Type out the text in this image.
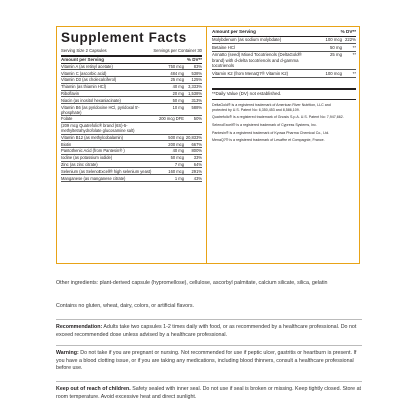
Supplement Facts
Serving Size 2 Capsules	Servings per Container 30
Amount per Serving	% DV**
Vitamin A (as retinyl acetate)	750 mcg	83%
Vitamin C (ascorbic acid)	484 mg	538%
Vitamin D3 (as cholecalciferol)	25 mcg	125%
Thiamin (as thiamin HCl)	40 mg	3,333%
Riboflavin	20 mg	1,538%
Niacin (as inositol hexaniacinate)	50 mg	313%
Vitamin B6 (as pyridoxine HCl, pyridoxal 5'-phosphate)
10 mg	588%
Folate	200 mcg DFE	50%
(209 mcg Quatrefolic® brand (6S)-5-methyltetrahydrofolate glucosamine salt)
Vitamin B12 (as methylcobalamin)	500 mcg 20,833%
Biotin	200 mcg	667%
Pantothenic Acid (from Pantesin® )	40 mg	800%
Iodine (as potassium iodide)	50 mcg	33%
Zinc (as zinc citrate)	7 mg	64%
Selenium (as SelenoExcell® high selenium yeast)	160 mcg	291%
Manganese (as manganese citrate)	1 mg	43%
Amount per Serving	% DV**
Molybdenum (as sodium molybdate)	100 mcg 222%
Betaine HCl	50 mg	**
Annatto (seed) Mixed Tocotrienols (DeltaGold® brand) with d-delta tocotrienols and d-gamma tocotrienols
25 mg	**
Vitamin K2 (from MenaQ7® Vitamin K2)	100 mcg	**
**Daily Value (DV) not established.
DeltaGold® is a registered trademark of American River Nutrition, LLC and protected by U.S. Patent No: 6,350,453 and 8,586,109.
Quatrefolic® is a registered trademark of Gnosis S.p.A. U.S. Patent No: 7,947,662.
SelenoExcell® is a registered trademark of Cypress Systems, Inc.
Pantesin® is a registered trademark of Kyowa Pharma Chemical Co., Ltd.
MenaQ7® is a registered trademark of Lesaffre et Compagnie, France.
Other ingredients: plant-derived capsule (hypromellose), cellulose, ascorbyl palmitate, calcium silicate, silica, gelatin
Contains no gluten, wheat, dairy, colors, or artificial flavors.
Recommendation: Adults take two capsules 1-2 times daily with food, or as recommended by a healthcare professional. Do not exceed recommended dose unless advised by a healthcare professional.
Warning: Do not take if you are pregnant or nursing. Not recommended for use if peptic ulcer, gastritis or heartburn is present. If you have a blood clotting issue, or if you are taking any medications, including blood thinners, consult a healthcare professional before use.
Keep out of reach of children. Safety sealed with inner seal. Do not use if seal is broken or missing. Keep tightly closed. Store at room temperature. Avoid excessive heat and direct sunlight.
